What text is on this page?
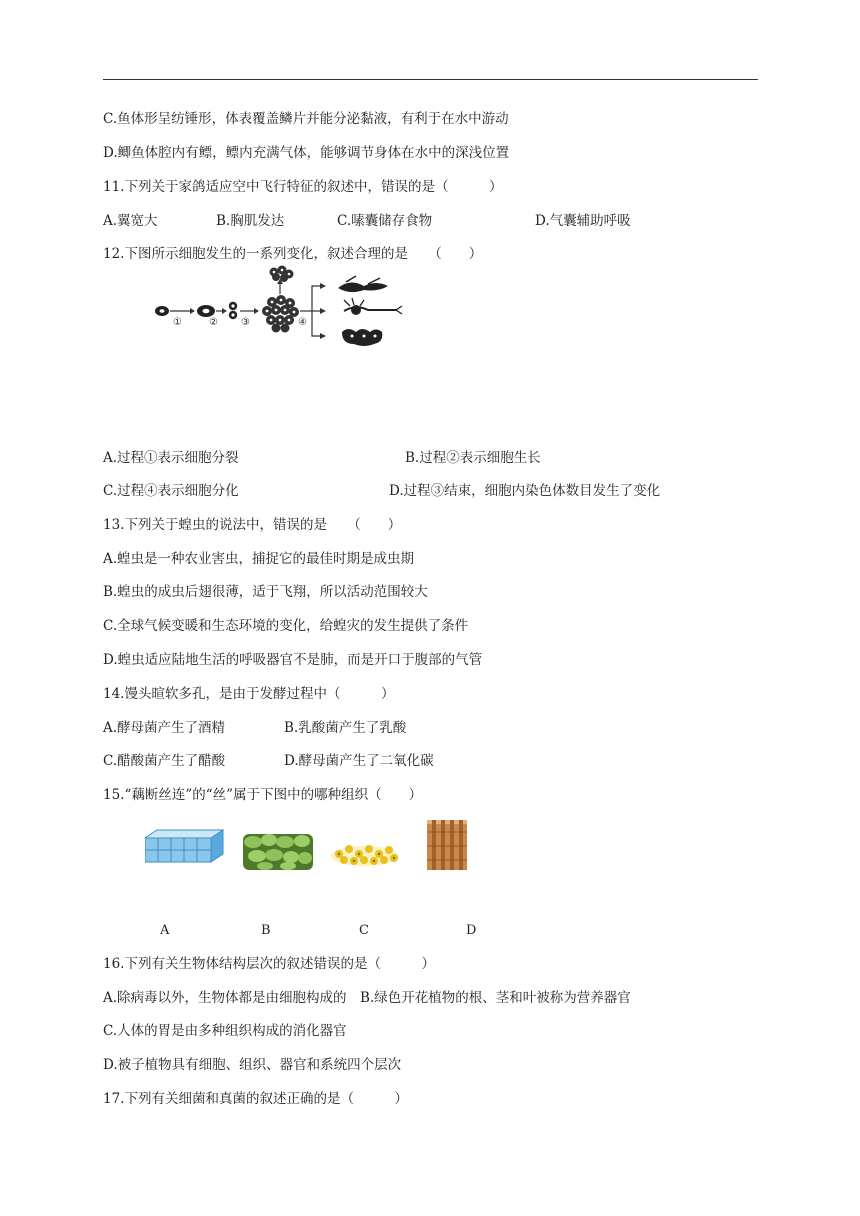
C.鱼体形呈纺锤形，体表覆盖鳞片并能分泌黏液，有利于在水中游动
D.鲫鱼体腔内有鳔，鳔内充满气体，能够调节身体在水中的深浅位置
11.下列关于家鸽适应空中飞行特征的叙述中，错误的是（　　　）
A.翼宽大	B.胸肌发达	C.嗉囊储存食物	D.气囊辅助呼吸
12.下图所示细胞发生的一系列变化，叙述合理的是　　（　　）
①	② ③	④
A.过程①表示细胞分裂	B.过程②表示细胞生长
C.过程④表示细胞分化	D.过程③结束，细胞内染色体数目发生了变化
13.下列关于蝗虫的说法中，错误的是　　（　　）
A.蝗虫是一种农业害虫，捕捉它的最佳时期是成虫期
B.蝗虫的成虫后翅很薄，适于飞翔，所以活动范围较大
C.全球气候变暖和生态环境的变化，给蝗灾的发生提供了条件
D.蝗虫适应陆地生活的呼吸器官不是肺，而是开口于腹部的气管
14.馒头暄软多孔，是由于发酵过程中（　　　）
A.酵母菌产生了酒精	B.乳酸菌产生了乳酸
C.醋酸菌产生了醋酸	D.酵母菌产生了二氧化碳
15.“藕断丝连”的“丝”属于下图中的哪种组织（　　）
A	B	C	D
16.下列有关生物体结构层次的叙述错误的是（　　　）
A.除病毒以外，生物体都是由细胞构成的　B.绿色开花植物的根、茎和叶被称为营养器官
C.人体的胃是由多种组织构成的消化器官
D.被子植物具有细胞、组织、器官和系统四个层次
17.下列有关细菌和真菌的叙述正确的是（　　　）
